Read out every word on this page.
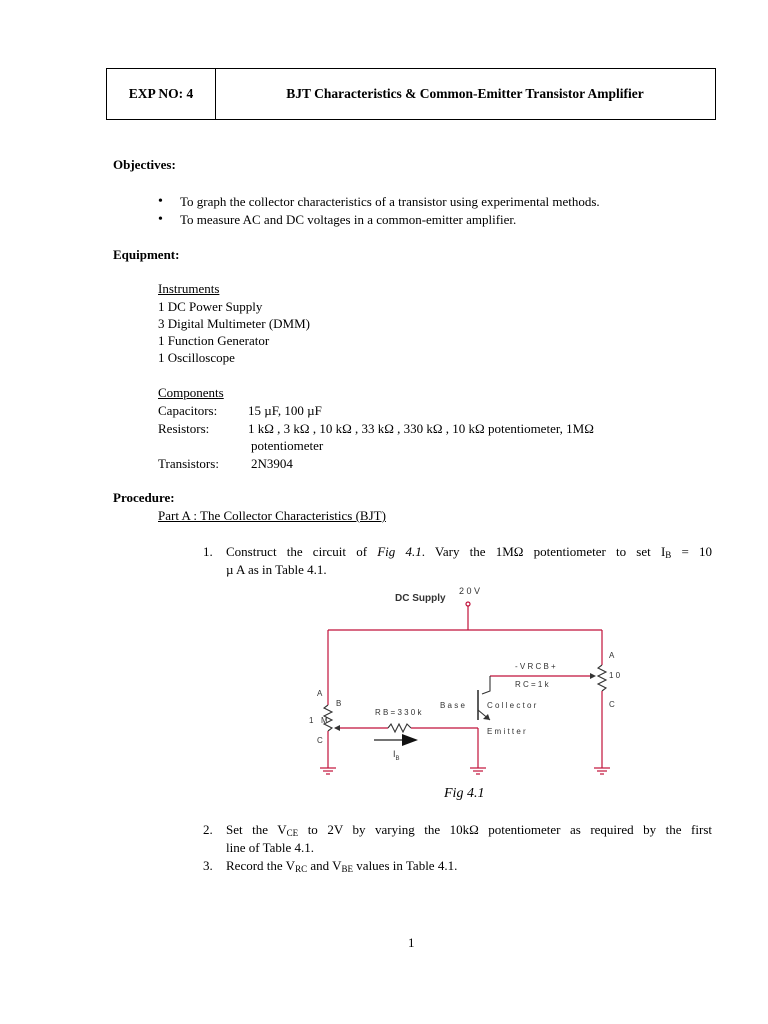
EXP NO: 4	BJT Characteristics & Common-Emitter Transistor Amplifier
Objectives:
•
To graph the collector characteristics of a transistor using experimental methods.
•
To measure AC and DC voltages in a common-emitter amplifier.
Equipment:
Instruments
1 DC Power Supply
3 Digital Multimeter (DMM)
1 Function Generator
1 Oscilloscope
Components
Capacitors: 15 µF, 100 µF
Resistors:	1 kΩ , 3 kΩ , 10 kΩ , 33 kΩ , 330 kΩ , 10 kΩ potentiometer, 1MΩ
potentiometer
Transistors: 2N3904
Procedure:
Part A : The Collector Characteristics (BJT)
1. Construct the circuit of Fig 4.1. Vary the 1MΩ potentiometer to set $I_B = 10$
µ A as in Table 4.1.
DC Supply
2 0 V
A
1 0
C
- V R C B +
R C = 1 k
C o l l e c t o r
B a s e
E m i t t e r
R B = 3 3 0 k
$I_B$
A
B
1 M
C
Fig 4.1
2. Set the $V_{CE}$ to 2V by varying the 10kΩ potentiometer as required by the first
line of Table 4.1.
3. Record the $V_{RC}$ and $V_{BE}$ values in Table 4.1.
1
